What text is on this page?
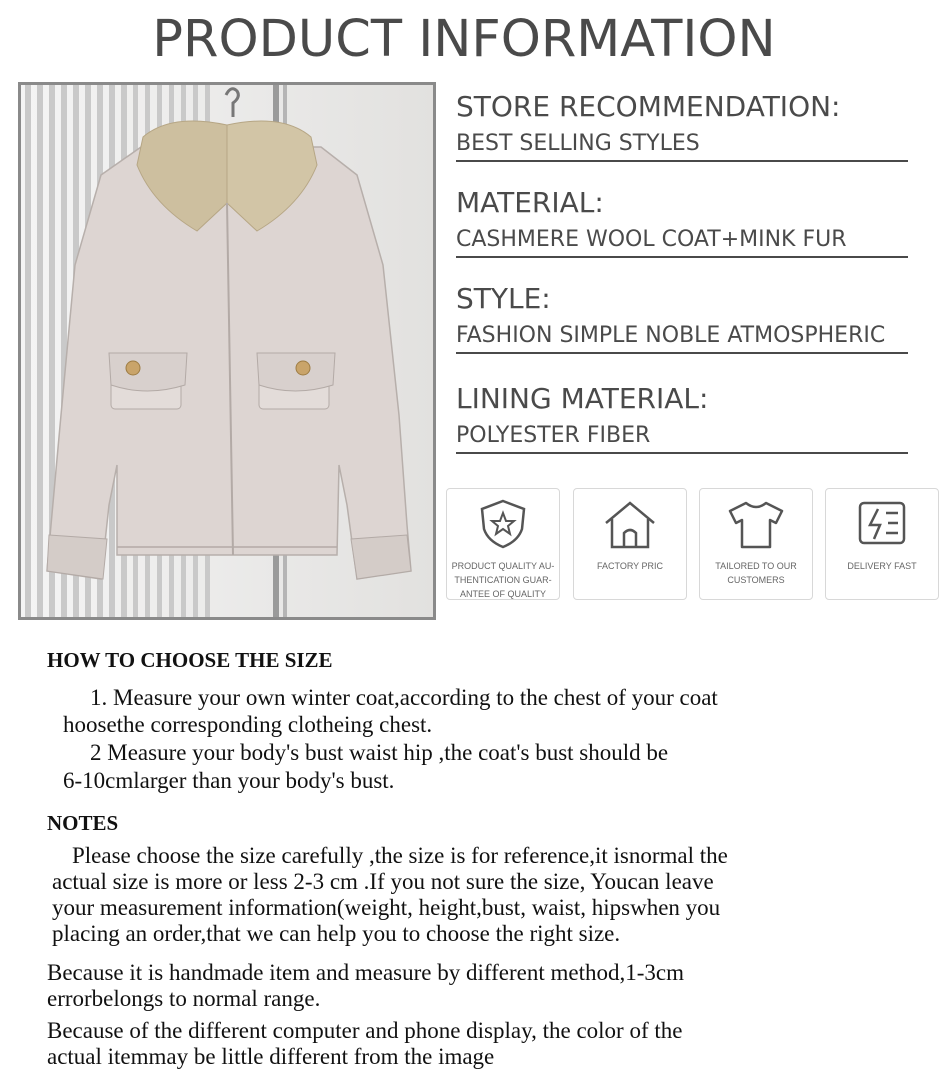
PRODUCT INFORMATION
STORE RECOMMENDATION:
BEST SELLING STYLES
MATERIAL:
CASHMERE WOOL COAT+MINK FUR
STYLE:
FASHION SIMPLE NOBLE ATMOSPHERIC
LINING MATERIAL:
POLYESTER FIBER
PRODUCT QUALITY AU- THENTICATION GUAR- ANTEE OF QUALITY
FACTORY PRIC	TAILORED TO OUR CUSTOMERS
DELIVERY FAST
HOW TO CHOOSE THE SIZE
1. Measure your own winter coat,according to the chest of your coat
hoosethe corresponding clotheing chest.
2 Measure your body's bust waist hip ,the coat's bust should be
6-10cmlarger than your body's bust.
NOTES
Please choose the size carefully ,the size is for reference,it isnormal the
actual size is more or less 2-3 cm .If you not sure the size, Youcan leave
your measurement information(weight, height,bust, waist, hipswhen you
placing an order,that we can help you to choose the right size.
Because it is handmade item and measure by different method,1-3cm
errorbelongs to normal range.
Because of the different computer and phone display, the color of the
actual itemmay be little different from the image
